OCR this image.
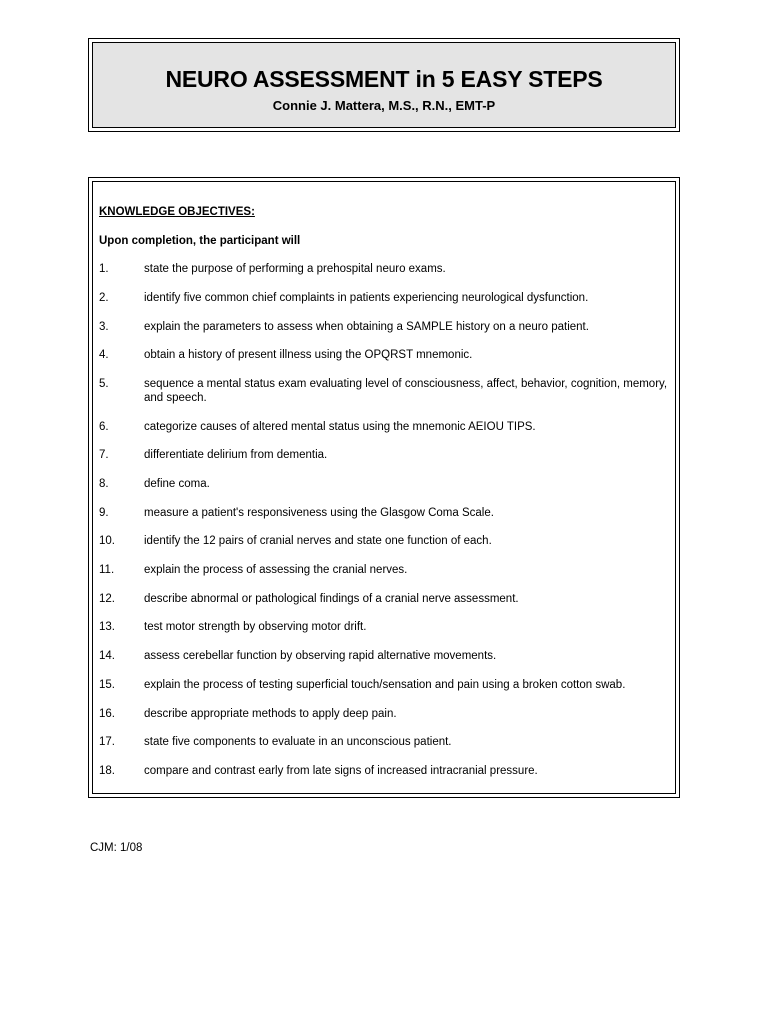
NEURO ASSESSMENT in 5 EASY STEPS
Connie J. Mattera, M.S., R.N., EMT-P

KNOWLEDGE OBJECTIVES:

Upon completion, the participant will

1.	state the purpose of performing a prehospital neuro exams.
2.	identify five common chief complaints in patients experiencing neurological dysfunction.
3.	explain the parameters to assess when obtaining a SAMPLE history on a neuro patient.
4.	obtain a history of present illness using the OPQRST mnemonic.
5.	sequence a mental status exam evaluating level of consciousness, affect, behavior, cognition, memory, and speech.
6.	categorize causes of altered mental status using the mnemonic AEIOU TIPS.
7.	differentiate delirium from dementia.
8.	define coma.
9.	measure a patient's responsiveness using the Glasgow Coma Scale.
10.	identify the 12 pairs of cranial nerves and state one function of each.
11.	explain the process of assessing the cranial nerves.
12.	describe abnormal or pathological findings of a cranial nerve assessment.
13.	test motor strength by observing motor drift.
14.	assess cerebellar function by observing rapid alternative movements.
15.	explain the process of testing superficial touch/sensation and pain using a broken cotton swab.
16.	describe appropriate methods to apply deep pain.
17.	state five components to evaluate in an unconscious patient.
18.	compare and contrast early from late signs of increased intracranial pressure.
CJM: 1/08
